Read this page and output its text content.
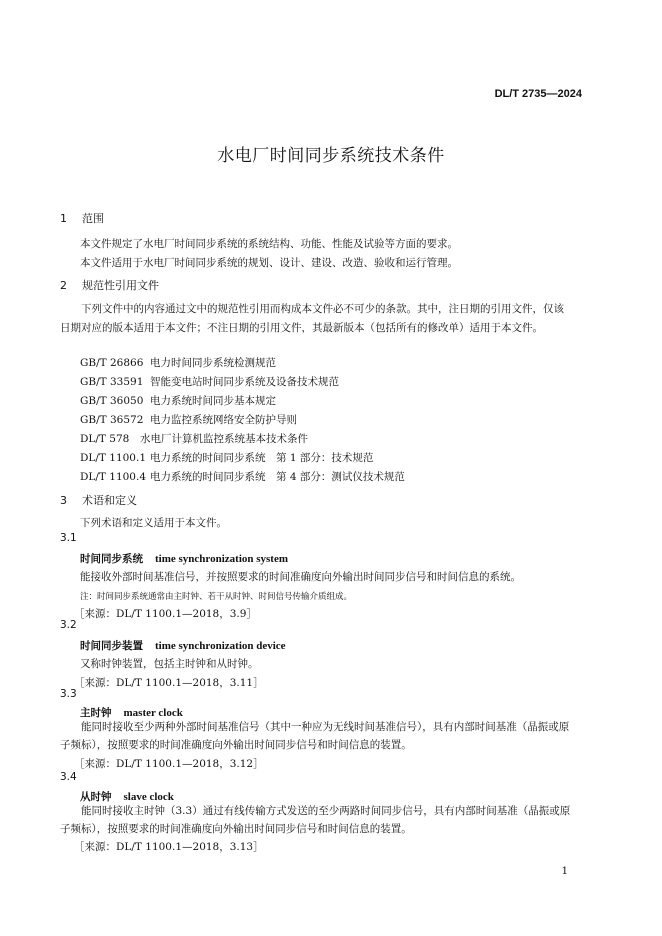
DL/T 2735—2024
水电厂时间同步系统技术条件
1 范围
本文件规定了水电厂时间同步系统的系统结构、功能、性能及试验等方面的要求。
本文件适用于水电厂时间同步系统的规划、设计、建设、改造、验收和运行管理。
2 规范性引用文件
下列文件中的内容通过文中的规范性引用而构成本文件必不可少的条款。其中，注日期的引用文件，仅该日期对应的版本适用于本文件；不注日期的引用文件，其最新版本（包括所有的修改单）适用于本文件。
GB/T 26866 电力时间同步系统检测规范
GB/T 33591 智能变电站时间同步系统及设备技术规范
GB/T 36050 电力系统时间同步基本规定
GB/T 36572 电力监控系统网络安全防护导则
DL/T 578 水电厂计算机监控系统基本技术条件
DL/T 1100.1 电力系统的时间同步系统　第 1 部分：技术规范
DL/T 1100.4 电力系统的时间同步系统　第 4 部分：测试仪技术规范
3 术语和定义
下列术语和定义适用于本文件。
3.1
时间同步系统 time synchronization system
能接收外部时间基准信号，并按照要求的时间准确度向外输出时间同步信号和时间信息的系统。
注：时间同步系统通常由主时钟、若干从时钟、时间信号传输介质组成。
［来源：DL/T 1100.1—2018，3.9］
3.2
时间同步装置 time synchronization device
又称时钟装置，包括主时钟和从时钟。
［来源：DL/T 1100.1—2018，3.11］
3.3
主时钟 master clock
能同时接收至少两种外部时间基准信号（其中一种应为无线时间基准信号），具有内部时间基准（晶振或原子频标），按照要求的时间准确度向外输出时间同步信号和时间信息的装置。
［来源：DL/T 1100.1—2018，3.12］
3.4
从时钟 slave clock
能同时接收主时钟（3.3）通过有线传输方式发送的至少两路时间同步信号，具有内部时间基准（晶振或原子频标），按照要求的时间准确度向外输出时间同步信号和时间信息的装置。
［来源：DL/T 1100.1—2018，3.13］
1
